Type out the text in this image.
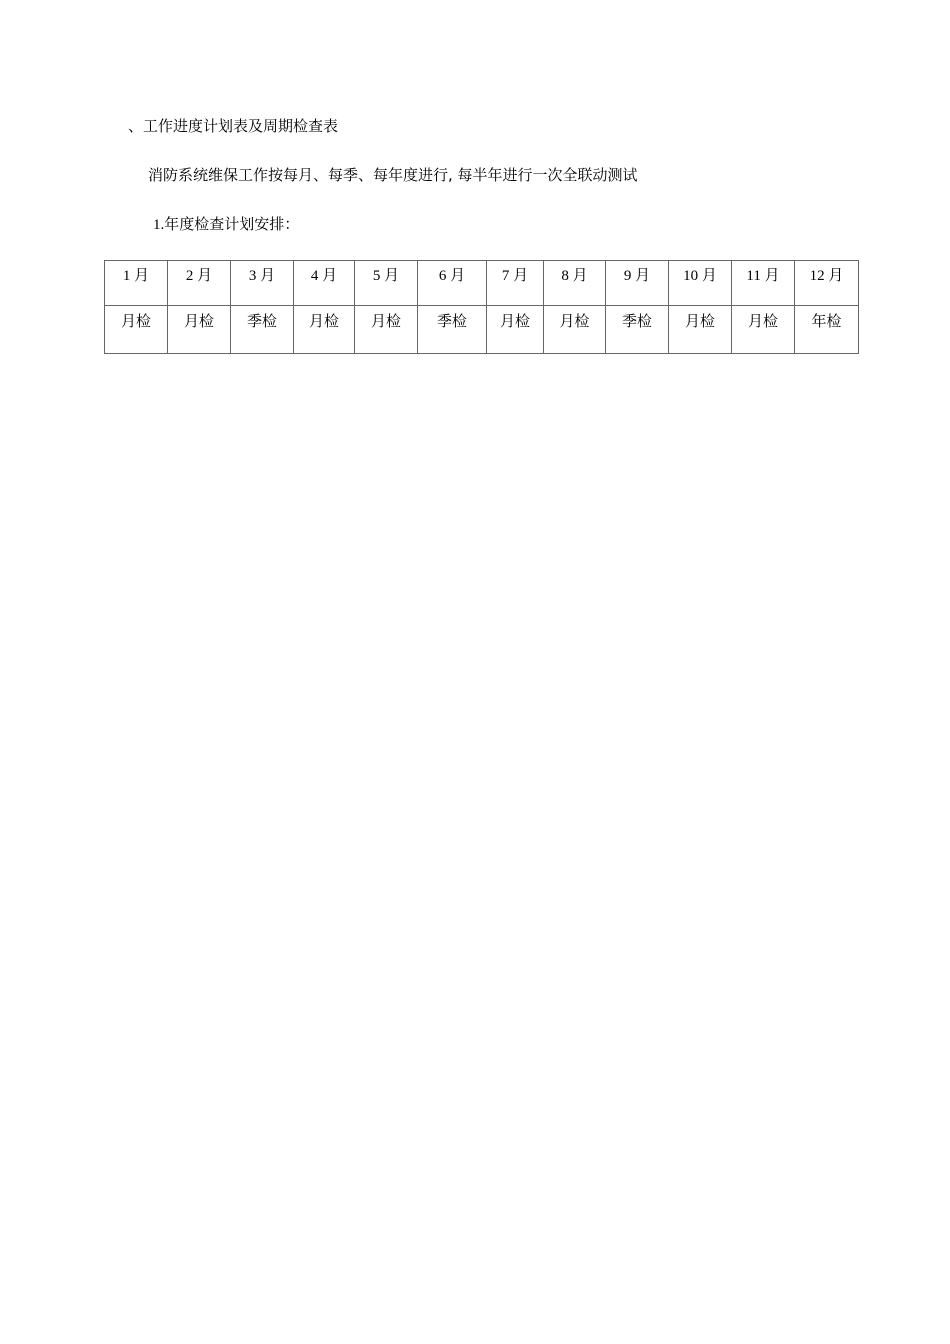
、工作进度计划表及周期检查表
消防系统维保工作按每月、每季、每年度进行, 每半年进行一次全联动测试
1.年度检查计划安排：
1 月	2 月	3 月	4 月	5 月	6 月	7 月	8 月	9 月	10 月	11 月	12 月
月检	月检	季检	月检	月检	季检	月检	月检	季检	月检	月检	年检
